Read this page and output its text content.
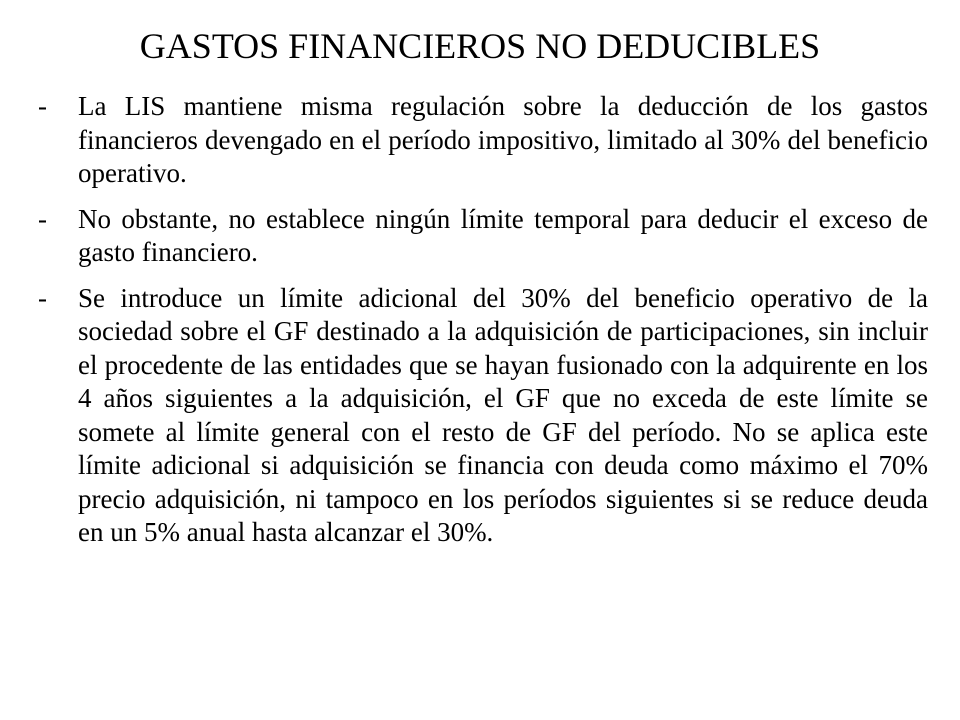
GASTOS FINANCIEROS NO DEDUCIBLES
- La LIS mantiene misma regulación sobre la deducción de los gastos financieros devengado en el período impositivo, limitado al 30% del beneficio operativo.
- No obstante, no establece ningún límite temporal para deducir el exceso de gasto financiero.
- Se introduce un límite adicional del 30% del beneficio operativo de la sociedad sobre el GF destinado a la adquisición de participaciones, sin incluir el procedente de las entidades que se hayan fusionado con la adquirente en los 4 años siguientes a la adquisición, el GF que no exceda de este límite se somete al límite general con el resto de GF del período. No se aplica este límite adicional si adquisición se financia con deuda como máximo el 70% precio adquisición, ni tampoco en los períodos siguientes si se reduce deuda en un 5% anual hasta alcanzar el 30%.
